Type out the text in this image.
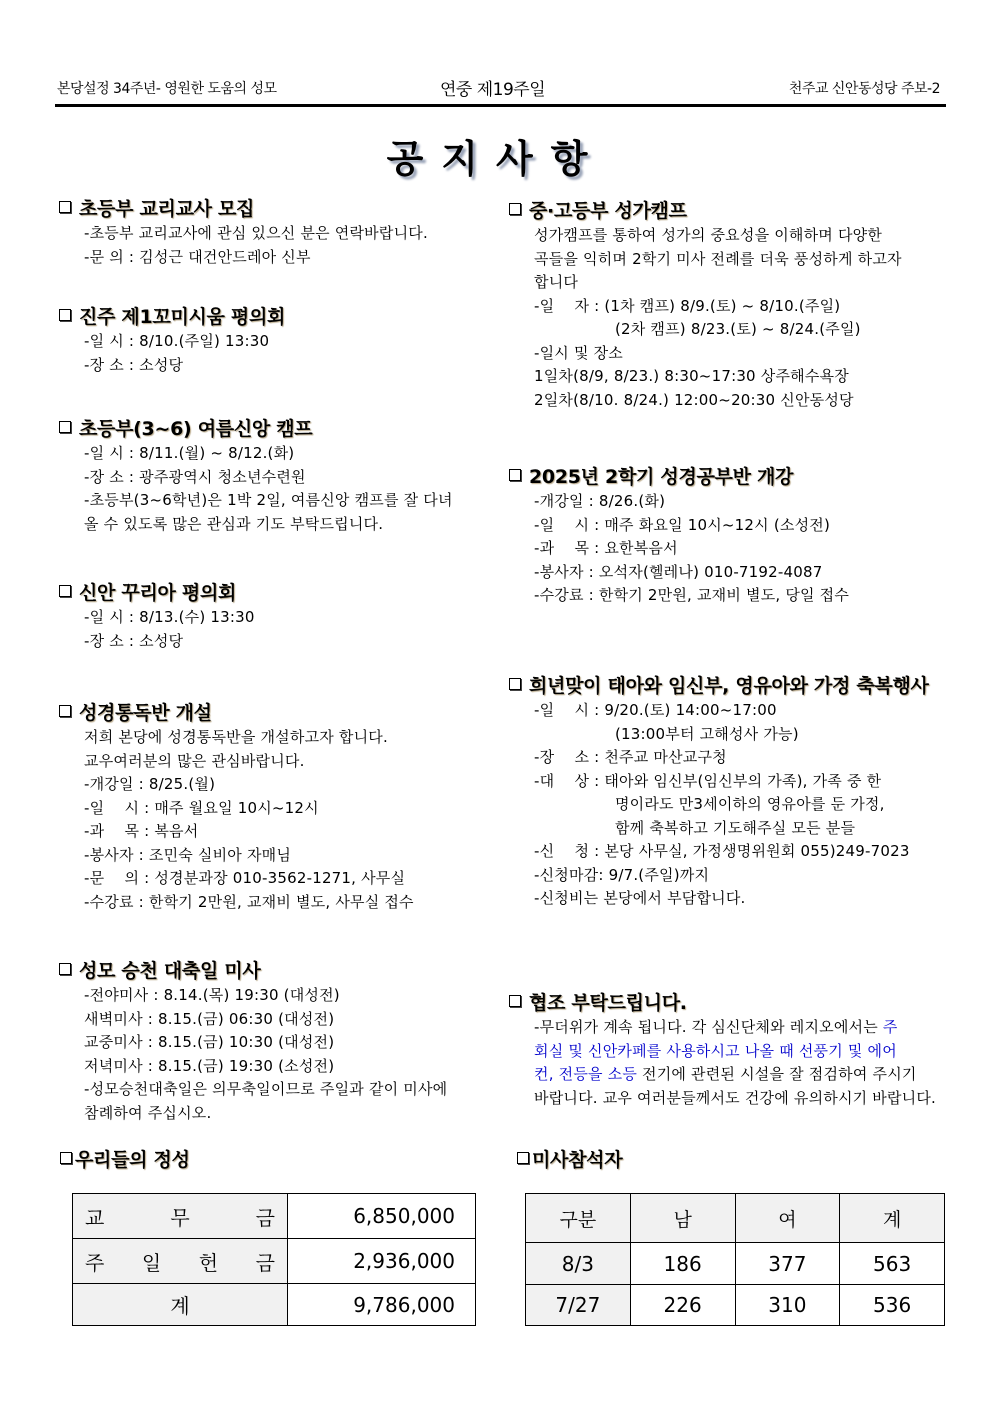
본당설정 34주년- 영원한 도움의 성모	연중 제19주일	천주교 신안동성당 주보-2
공지사항
초등부 교리교사 모집

-초등부 교리교사에 관심 있으신 분은 연락바랍니다.

-문 의 : 김성근 대건안드레아 신부

진주 제1꼬미시움 평의회

-일 시 : 8/10.(주일) 13:30

-장 소 : 소성당

초등부(3~6) 여름신앙 캠프

-일 시 : 8/11.(월) ~ 8/12.(화)

-장 소 : 광주광역시 청소년수련원

-초등부(3~6학년)은 1박 2일, 여름신앙 캠프를 잘 다녀

올 수 있도록 많은 관심과 기도 부탁드립니다.

신안 꾸리아 평의회

-일 시 : 8/13.(수) 13:30

-장 소 : 소성당

성경통독반 개설

저희 본당에 성경통독반을 개설하고자 합니다.

교우여러분의 많은 관심바랍니다.

-개강일 : 8/25.(월)

-일　 시 : 매주 월요일 10시~12시

-과　 목 : 복음서

-봉사자 : 조민숙 실비아 자매님

-문　 의 : 성경분과장 010-3562-1271, 사무실

-수강료 : 한학기 2만원, 교재비 별도, 사무실 접수

성모 승천 대축일 미사

-전야미사 : 8.14.(목) 19:30 (대성전)

새벽미사 : 8.15.(금) 06:30 (대성전)

교중미사 : 8.15.(금) 10:30 (대성전)

저녁미사 : 8.15.(금) 19:30 (소성전)

-성모승천대축일은 의무축일이므로 주일과 같이 미사에

참례하여 주십시오.

중·고등부 성가캠프

성가캠프를 통하여 성가의 중요성을 이해하며 다양한

곡들을 익히며 2학기 미사 전례를 더욱 풍성하게 하고자

합니다

-일　 자 : (1차 캠프) 8/9.(토) ~ 8/10.(주일)

　　　　　 (2차 캠프) 8/23.(토) ~ 8/24.(주일)

-일시 및 장소

1일차(8/9, 8/23.) 8:30~17:30 상주해수욕장

2일차(8/10. 8/24.) 12:00~20:30 신안동성당

2025년 2학기 성경공부반 개강

-개강일 : 8/26.(화)

-일　 시 : 매주 화요일 10시~12시 (소성전)

-과　 목 : 요한복음서

-봉사자 : 오석자(헬레나) 010-7192-4087

-수강료 : 한학기 2만원, 교재비 별도, 당일 접수

희년맞이 태아와 임신부, 영유아와 가정 축복행사

-일　 시 : 9/20.(토) 14:00~17:00

　　　　　 (13:00부터 고해성사 가능)

-장　 소 : 천주교 마산교구청

-대　 상 : 태아와 임신부(임신부의 가족), 가족 중 한

　　　　　 명이라도 만3세이하의 영유아를 둔 가정,

　　　　　 함께 축복하고 기도해주실 모든 분들

-신　 청 : 본당 사무실, 가정생명위원회 055)249-7023

-신청마감: 9/7.(주일)까지

-신청비는 본당에서 부담합니다.

협조 부탁드립니다.

-무더위가 계속 됩니다. 각 심신단체와 레지오에서는 주

회실 및 신안카페를 사용하시고 나올 때 선풍기 및 에어

컨, 전등을 소등 전기에 관련된 시설을 잘 점검하여 주시기

바랍니다. 교우 여러분들께서도 건강에 유의하시기 바랍니다.

우리들의 정성
교　　무　　금	6,850,000
주　일　헌　금	2,936,000
계	9,786,000
미사참석자
구분	남	여	계
8/3	186	377	563
7/27	226	310	536
